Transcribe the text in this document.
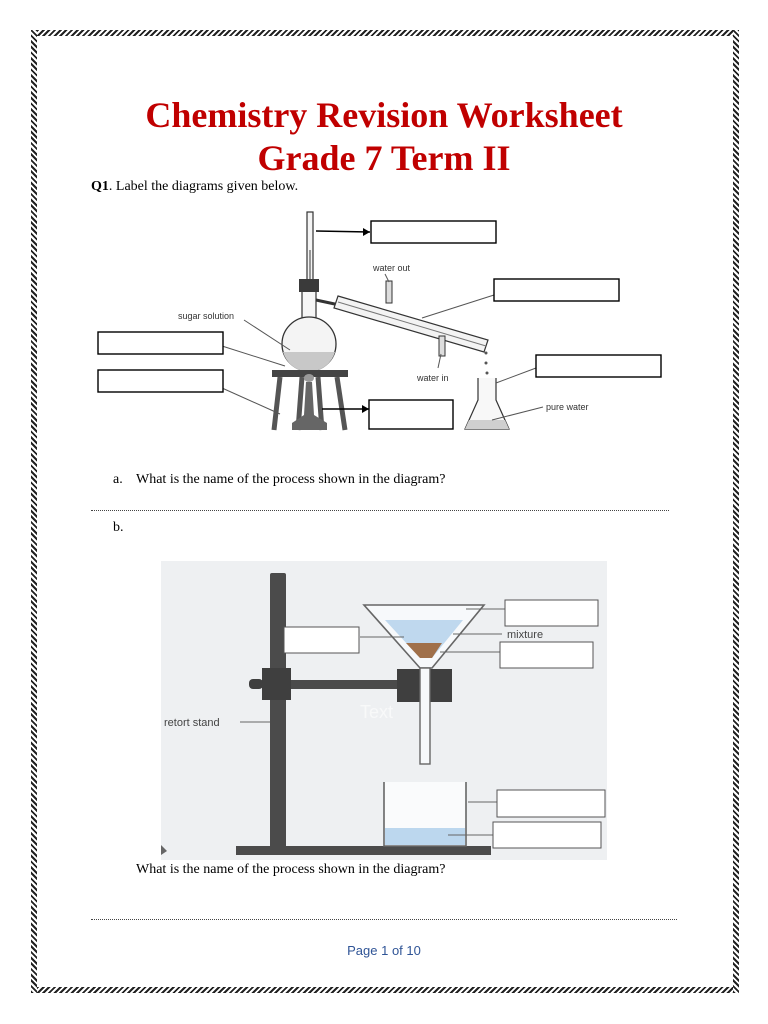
Chemistry Revision Worksheet
Grade 7 Term II
Q1. Label the diagrams given below.
water out
sugar solution
water in
pure water
a. What is the name of the process shown in the diagram?
b.
mixture
retort stand
Text
What is the name of the process shown in the diagram?
Page 1 of 10
